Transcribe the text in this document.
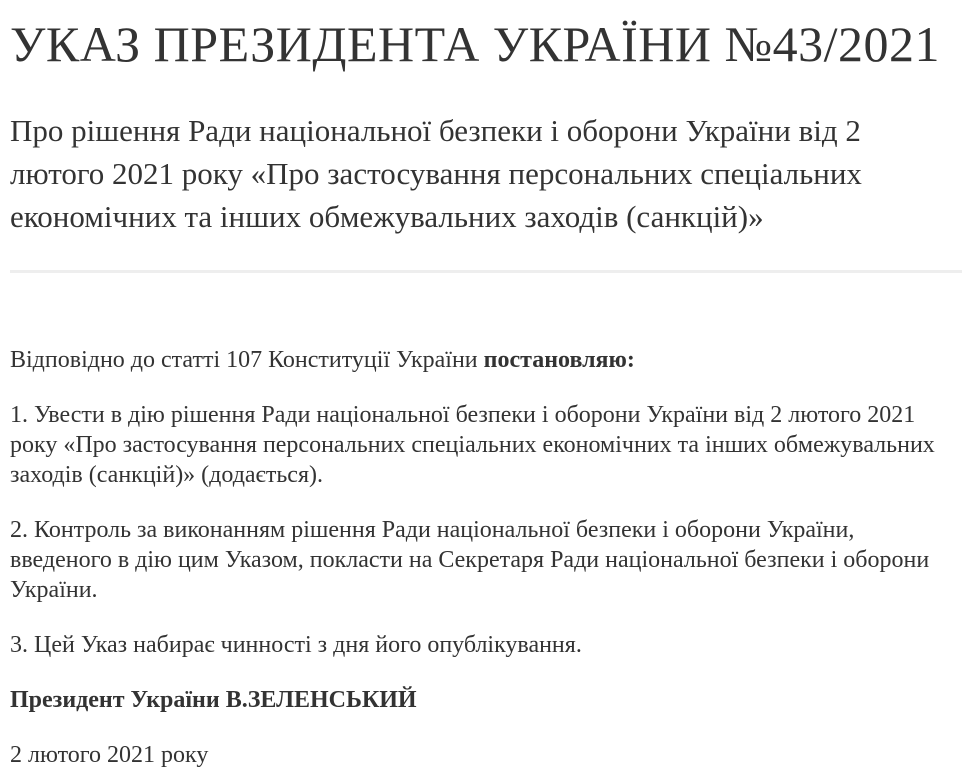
УКАЗ ПРЕЗИДЕНТА УКРАЇНИ №43/2021
Про рішення Ради національної безпеки і оборони України від 2 лютого 2021 року «Про застосування персональних спеціальних економічних та інших обмежувальних заходів (санкцій)»

Відповідно до статті 107 Конституції України постановляю:

1. Увести в дію рішення Ради національної безпеки і оборони України від 2 лютого 2021 року «Про застосування персональних спеціальних економічних та інших обмежувальних заходів (санкцій)» (додається).

2. Контроль за виконанням рішення Ради національної безпеки і оборони України, введеного в дію цим Указом, покласти на Секретаря Ради національної безпеки і оборони України.

3. Цей Указ набирає чинності з дня його опублікування.

Президент України В.ЗЕЛЕНСЬКИЙ

2 лютого 2021 року
